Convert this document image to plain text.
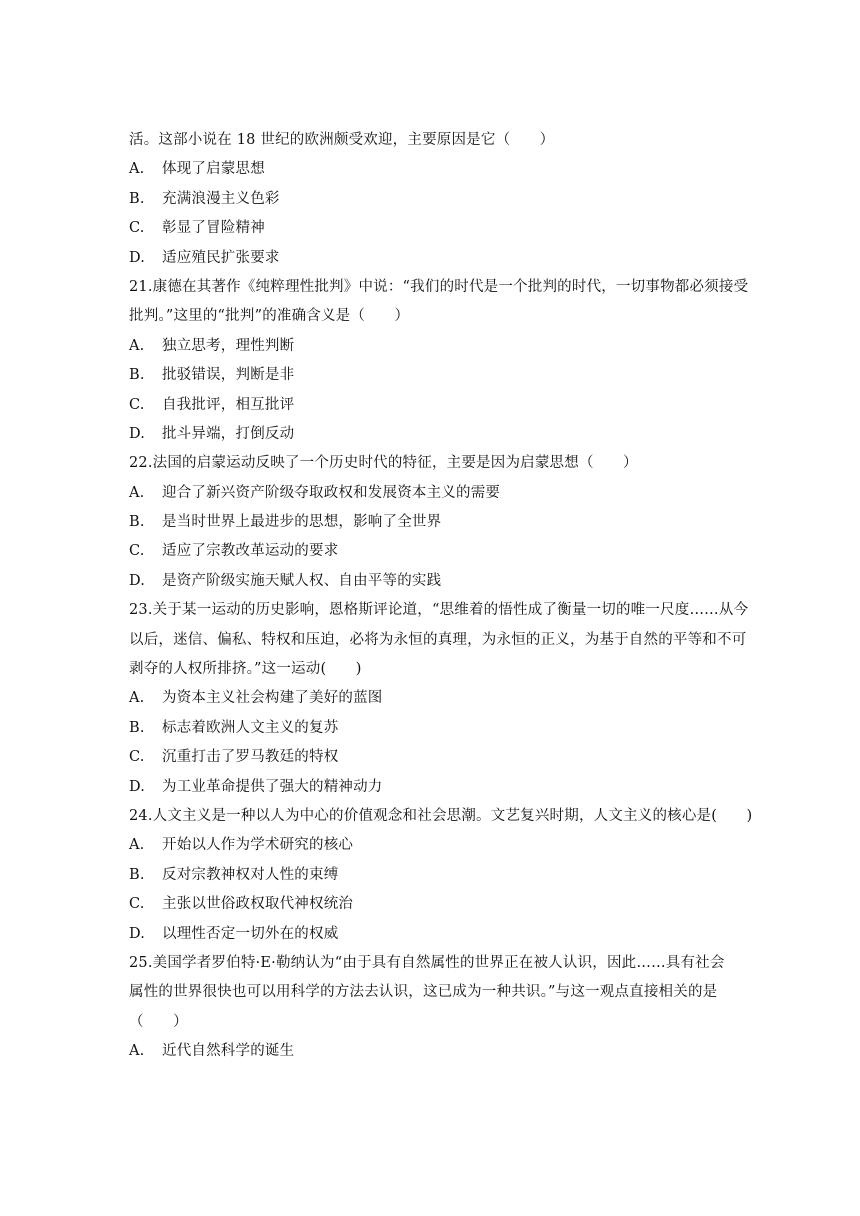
活。这部小说在 18 世纪的欧洲颇受欢迎，主要原因是它（　　）
A. 体现了启蒙思想
B. 充满浪漫主义色彩
C. 彰显了冒险精神
D. 适应殖民扩张要求
21.康德在其著作《纯粹理性批判》中说：“我们的时代是一个批判的时代，一切事物都必须接受
批判。”这里的“批判”的准确含义是（　　）
A. 独立思考，理性判断
B. 批驳错误，判断是非
C. 自我批评，相互批评
D. 批斗异端，打倒反动
22.法国的启蒙运动反映了一个历史时代的特征，主要是因为启蒙思想（　　）
A. 迎合了新兴资产阶级夺取政权和发展资本主义的需要
B. 是当时世界上最进步的思想，影响了全世界
C. 适应了宗教改革运动的要求
D. 是资产阶级实施天赋人权、自由平等的实践
23.关于某一运动的历史影响，恩格斯评论道，“思维着的悟性成了衡量一切的唯一尺度……从今
以后，迷信、偏私、特权和压迫，必将为永恒的真理，为永恒的正义，为基于自然的平等和不可
剥夺的人权所排挤。”这一运动(　　)
A. 为资本主义社会构建了美好的蓝图
B. 标志着欧洲人文主义的复苏
C. 沉重打击了罗马教廷的特权
D. 为工业革命提供了强大的精神动力
24.人文主义是一种以人为中心的价值观念和社会思潮。文艺复兴时期，人文主义的核心是(　　)
A. 开始以人作为学术研究的核心
B. 反对宗教神权对人性的束缚
C. 主张以世俗政权取代神权统治
D. 以理性否定一切外在的权威
25.美国学者罗伯特·E·勒纳认为“由于具有自然属性的世界正在被人认识，因此……具有社会
属性的世界很快也可以用科学的方法去认识，这已成为一种共识。”与这一观点直接相关的是
（　　）
A. 近代自然科学的诞生
